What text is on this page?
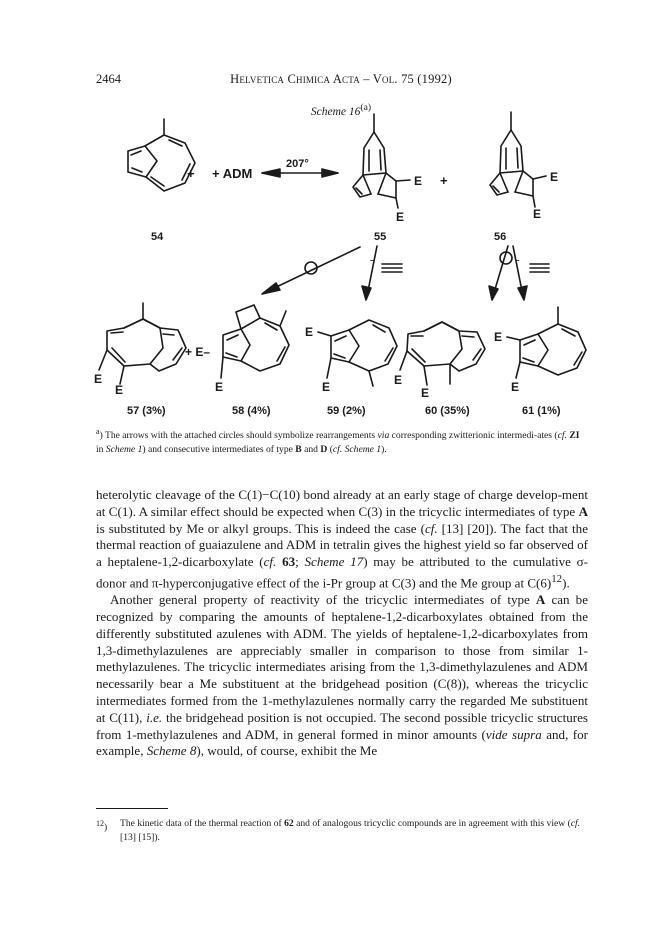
2464	Helvetica Chimica Acta – Vol. 75 (1992)
Scheme $16^{(a)}$
+ + ADM
207°
E
E
+	E
E
54	55	56
–	–
+ E–
E
E	E
E
E	E
E
E
E
57 (3%)	58 (4%)	59 (2%)	60 (35%)	61 (1%)
$^a$) The arrows with the attached circles should symbolize rearrangements via corresponding zwitterionic intermedi-ates (cf. ZI in Scheme 1) and consecutive intermediates of type B and D (cf. Scheme 1).

heterolytic cleavage of the C(1)−C(10) bond already at an early stage of charge develop-ment at C(1). A similar effect should be expected when C(3) in the tricyclic intermediates of type A is substituted by Me or alkyl groups. This is indeed the case (cf. [13] [20]). The fact that the thermal reaction of guaiazulene and ADM in tetralin gives the highest yield so far observed of a heptalene-1,2-dicarboxylate (cf. 63; Scheme 17) may be attributed to the cumulative σ-donor and π-hyperconjugative effect of the i-Pr group at C(3) and the Me group at $C(6)^{12}$).

Another general property of reactivity of the tricyclic intermediates of type A can be recognized by comparing the amounts of heptalene-1,2-dicarboxylates obtained from the differently substituted azulenes with ADM. The yields of heptalene-1,2-dicarboxylates from 1,3-dimethylazulenes are appreciably smaller in comparison to those from similar 1-methylazulenes. The tricyclic intermediates arising from the 1,3-dimethylazulenes and ADM necessarily bear a Me substituent at the bridgehead position (C(8)), whereas the tricyclic intermediates formed from the 1-methylazulenes normally carry the regarded Me substituent at C(11), i.e. the bridgehead position is not occupied. The second possible tricyclic structures from 1-methylazulenes and ADM, in general formed in minor amounts (vide supra and, for example, Scheme 8), would, of course, exhibit the Me

$^{12}$) The kinetic data of the thermal reaction of 62 and of analogous tricyclic compounds are in agreement with this view (cf. [13] [15]).
